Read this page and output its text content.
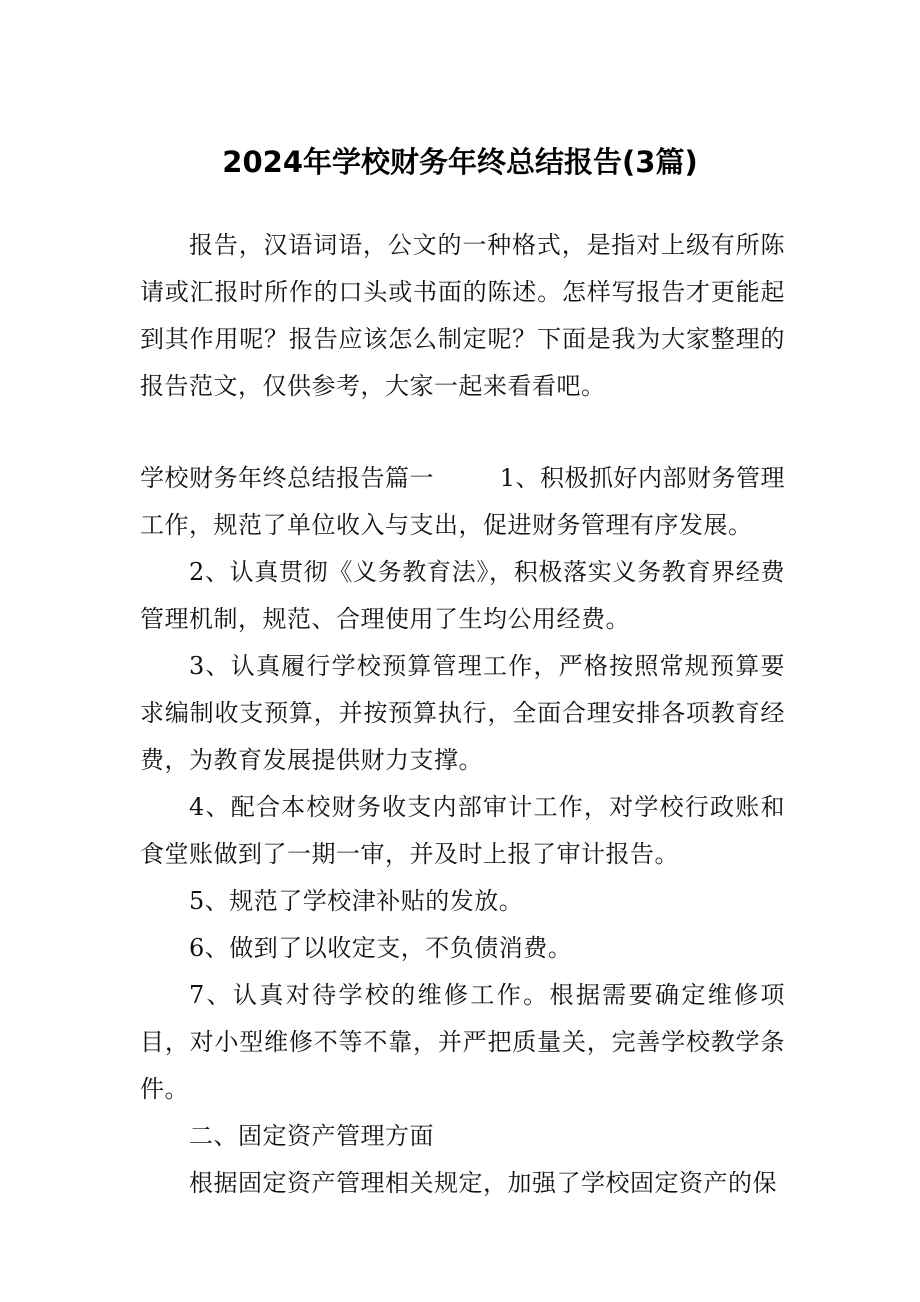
2024年学校财务年终总结报告(3篇)

报告，汉语词语，公文的一种格式，是指对上级有所陈请或汇报时所作的口头或书面的陈述。怎样写报告才更能起到其作用呢？报告应该怎么制定呢？下面是我为大家整理的报告范文，仅供参考，大家一起来看看吧。

学校财务年终总结报告篇一	1、积极抓好内部财务管理

工作，规范了单位收入与支出，促进财务管理有序发展。

2、认真贯彻《义务教育法》，积极落实义务教育界经费管理机制，规范、合理使用了生均公用经费。

3、认真履行学校预算管理工作，严格按照常规预算要求编制收支预算，并按预算执行，全面合理安排各项教育经费，为教育发展提供财力支撑。

4、配合本校财务收支内部审计工作，对学校行政账和食堂账做到了一期一审，并及时上报了审计报告。

5、规范了学校津补贴的发放。

6、做到了以收定支，不负债消费。

7、认真对待学校的维修工作。根据需要确定维修项目，对小型维修不等不靠，并严把质量关，完善学校教学条件。

二、固定资产管理方面

根据固定资产管理相关规定，加强了学校固定资产的保
